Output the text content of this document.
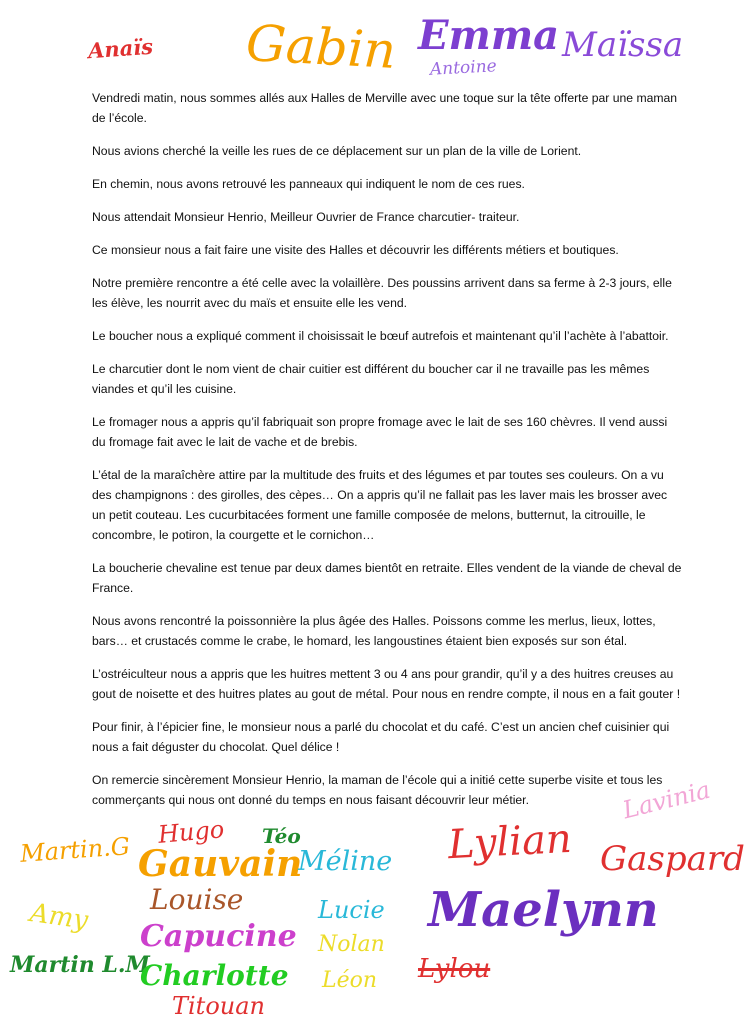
Anaïs Gabin Emma
Antoine
Maïssa

Vendredi matin, nous sommes allés aux Halles de Merville avec une toque sur la tête offerte par une maman de l’école.

Nous avions cherché la veille les rues de ce déplacement sur un plan de la ville de Lorient.

En chemin, nous avons retrouvé les panneaux qui indiquent le nom de ces rues.

Nous attendait Monsieur Henrio, Meilleur Ouvrier de France charcutier- traiteur.

Ce monsieur nous a fait faire une visite des Halles et découvrir les différents métiers et boutiques.

Notre première rencontre a été celle avec la volaillère. Des poussins arrivent dans sa ferme à 2-3 jours, elle les élève, les nourrit avec du maïs et ensuite elle les vend.

Le boucher nous a expliqué comment il choisissait le bœuf autrefois et maintenant qu’il l’achète à l’abattoir.

Le charcutier dont le nom vient de chair cuitier est différent du boucher car il ne travaille pas les mêmes viandes et qu’il les cuisine.

Le fromager nous a appris qu’il fabriquait son propre fromage avec le lait de ses 160 chèvres. Il vend aussi du fromage fait avec le lait de vache et de brebis.

L’étal de la maraîchère attire par la multitude des fruits et des légumes et par toutes ses couleurs. On a vu des champignons : des girolles, des cèpes… On a appris qu’il ne fallait pas les laver mais les brosser avec un petit couteau. Les cucurbitacées forment une famille composée de melons, butternut, la citrouille, le concombre, le potiron, la courgette et le cornichon…

La boucherie chevaline est tenue par deux dames bientôt en retraite. Elles vendent de la viande de cheval de France.

Nous avons rencontré la poissonnière la plus âgée des Halles. Poissons comme les merlus, lieux, lottes, bars… et crustacés comme le crabe, le homard, les langoustines étaient bien exposés sur son étal.

L’ostréiculteur nous a appris que les huitres mettent 3 ou 4 ans pour grandir, qu’il y a des huitres creuses au gout de noisette et des huitres plates au gout de métal. Pour nous en rendre compte, il nous en a fait gouter !

Pour finir, à l’épicier fine, le monsieur nous a parlé du chocolat et du café. C’est un ancien chef cuisinier qui nous a fait déguster du chocolat. Quel délice !

On remercie sincèrement Monsieur Henrio, la maman de l’école qui a initié cette superbe visite et tous les commerçants qui nous ont donné du temps en nous faisant découvrir leur métier.

Hugo Téo
Martin.G Gauvain
Méline Lylian Gaspard
Lavinia
Louise
Amy	Lucie Maelynn
Capucine Nolan
Martin L.M
Charlotte Léon Lylou
Titouan
